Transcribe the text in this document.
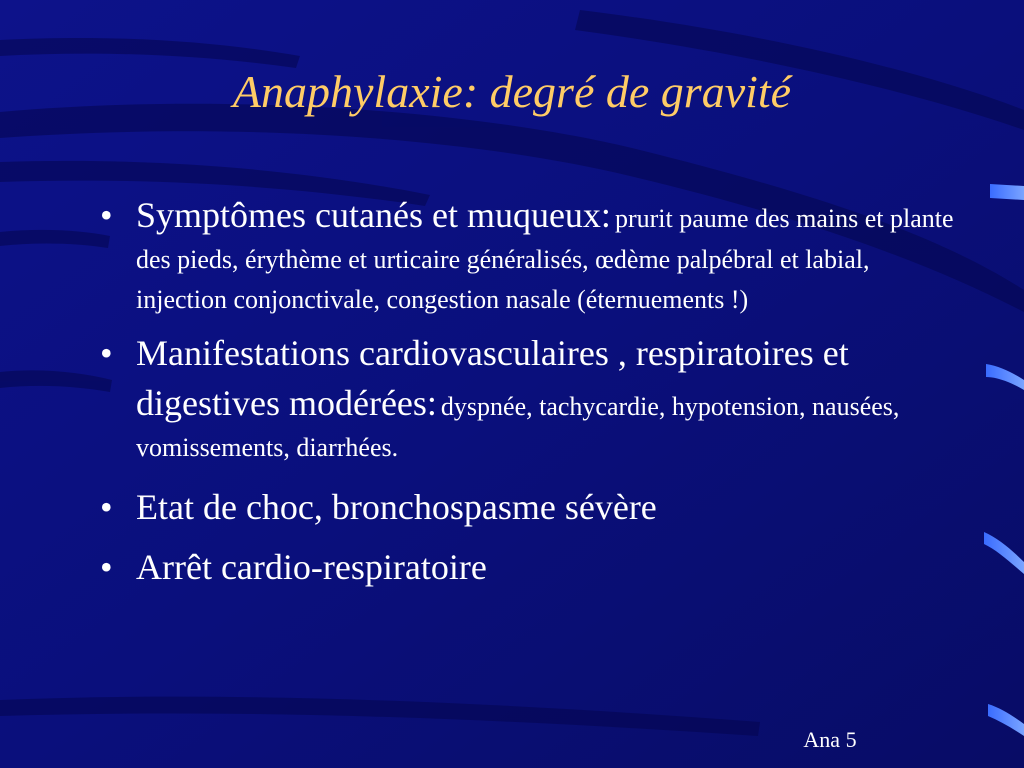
Anaphylaxie: degré de gravité
• Symptômes cutanés et muqueux: prurit paume des mains et plante des pieds, érythème et urticaire généralisés, œdème palpébral et labial, injection conjonctivale, congestion nasale (éternuements !)
• Manifestations cardiovasculaires , respiratoires et digestives modérées: dyspnée, tachycardie, hypotension, nausées, vomissements, diarrhées.
• Etat de choc, bronchospasme sévère
• Arrêt cardio-respiratoire
Ana 5
